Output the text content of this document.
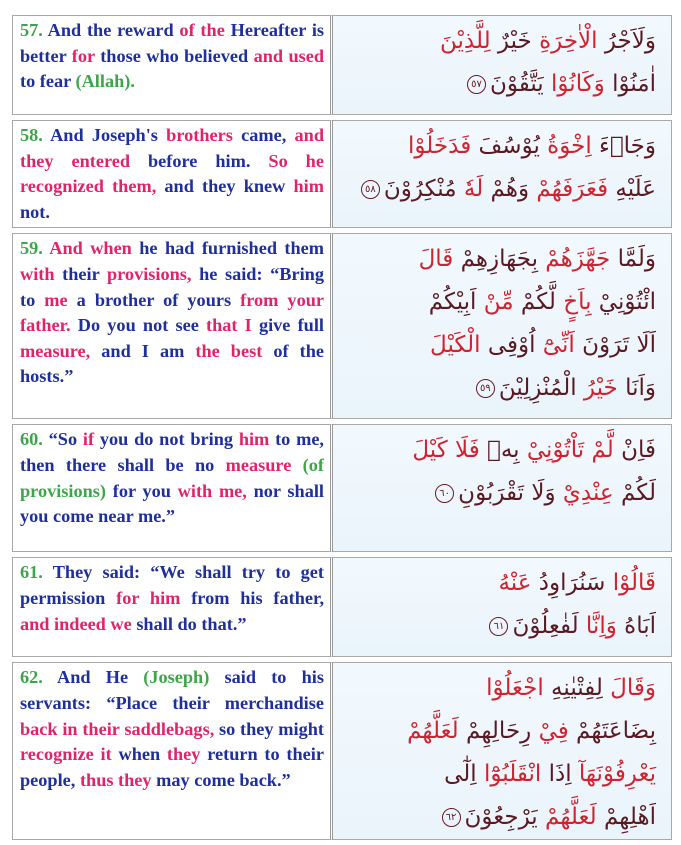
57. And the reward of the Hereafter is better for those who believed and used to fear (Allah).	وَلَاَجْرُ الْاٰخِرَةِ خَيْرٌ لِلَّذِيْنَ
اٰمَنُوْا وَكَانُوْا يَتَّقُوْنَ٥٧

58. And Joseph's brothers came, and they entered before him. So he recognized them, and they knew him not.	وَجَاۗءَ اِخْوَةُ يُوْسُفَ فَدَخَلُوْا
عَلَيْهِ فَعَرَفَهُمْ وَهُمْ لَهٗ مُنْكِرُوْنَ٥٨

59. And when he had furnished them with their provisions, he said: “Bring to me a brother of yours from your father. Do you not see that I give full measure, and I am the best of the hosts.”	وَلَمَّا جَهَّزَهُمْ بِجَهَازِهِمْ قَالَ
ائْتُوْنِيْ بِاَخٍ لَّكُمْ مِّنْ اَبِيْكُمْ
اَلَا تَرَوْنَ اَنِّىْٓ اُوْفِى الْكَيْلَ
وَاَنَا خَيْرُ الْمُنْزِلِيْنَ٥٩

60. “So if you do not bring him to me, then there shall be no measure (of provisions) for you with me, nor shall you come near me.”	فَاِنْ لَّمْ تَاْتُوْنِيْ بِهٖ فَلَا كَيْلَ
لَكُمْ عِنْدِيْ وَلَا تَقْرَبُوْنِ٦٠

61. They said: “We shall try to get permission for him from his father, and indeed we shall do that.”	قَالُوْا سَنُرَاوِدُ عَنْهُ
اَبَاهُ وَاِنَّا لَفٰعِلُوْنَ٦١

62. And He (Joseph) said to his servants: “Place their merchandise back in their saddlebags, so they might recognize it when they return to their people, thus they may come back.”	وَقَالَ لِفِتْيٰنِهِ اجْعَلُوْا
بِضَاعَتَهُمْ فِيْ رِحَالِهِمْ لَعَلَّهُمْ
يَعْرِفُوْنَهَآ اِذَا انْقَلَبُوْٓا اِلٰٓى
اَهْلِهِمْ لَعَلَّهُمْ يَرْجِعُوْنَ٦٢
